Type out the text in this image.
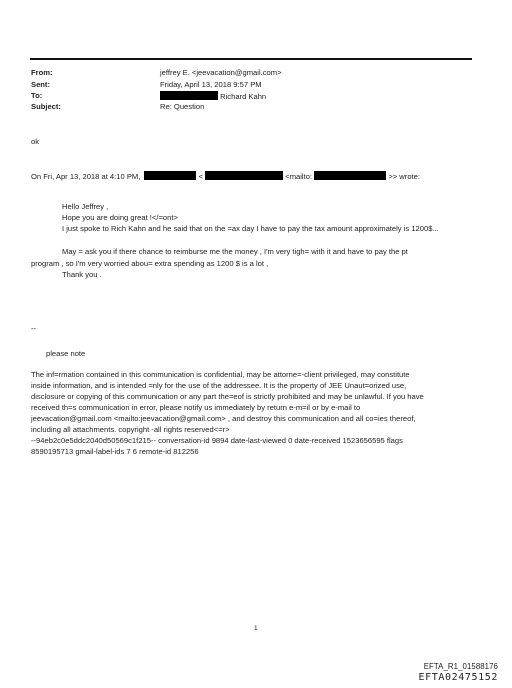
From:	jeffrey E. <jeevacation@gmail.com>
Sent:	Friday, April 13, 2018 9:57 PM
To:	Richard Kahn
Subject:	Re: Question
ok
On Fri, Apr 13, 2018 at 4:10 PM,	<	<mailto:	>> wrote:
Hello Jeffrey ,
Hope you are doing great !</=ont>
I just spoke to Rich Kahn and he said that on the =ax day I have to pay the tax amount approximately is 1200$...
May = ask you if there chance to reimburse me the money , I'm very tigh= with it and have to pay the pt
program , so I'm very worried abou= extra spending as 1200 $ is a lot ,
Thank you .
--
please note
The inf=rmation contained in this communication is confidential, may be attorne=-client privileged, may constitute
inside information, and is intended =nly for the use of the addressee. It is the property of JEE Unaut=orized use,
disclosure or copying of this communication or any part the=eof is strictly prohibited and may be unlawful. If you have
received th=s communication in error, please notify us immediately by return e-m=il or by e-mail to
jeevacation@gmail.com <mailto:jeevacation@gmail.com> , and destroy this communication and all co=ies thereof,
including all attachments. copyright -all rights reserved<=r>
--94eb2c0e5ddc2040d50569c1f215-- conversation-id 9894 date-last-viewed 0 date-received 1523656595 flags
8590195713 gmail-label-ids 7 6 remote-id 812256
1
EFTA_R1_01588176
EFTA02475152
